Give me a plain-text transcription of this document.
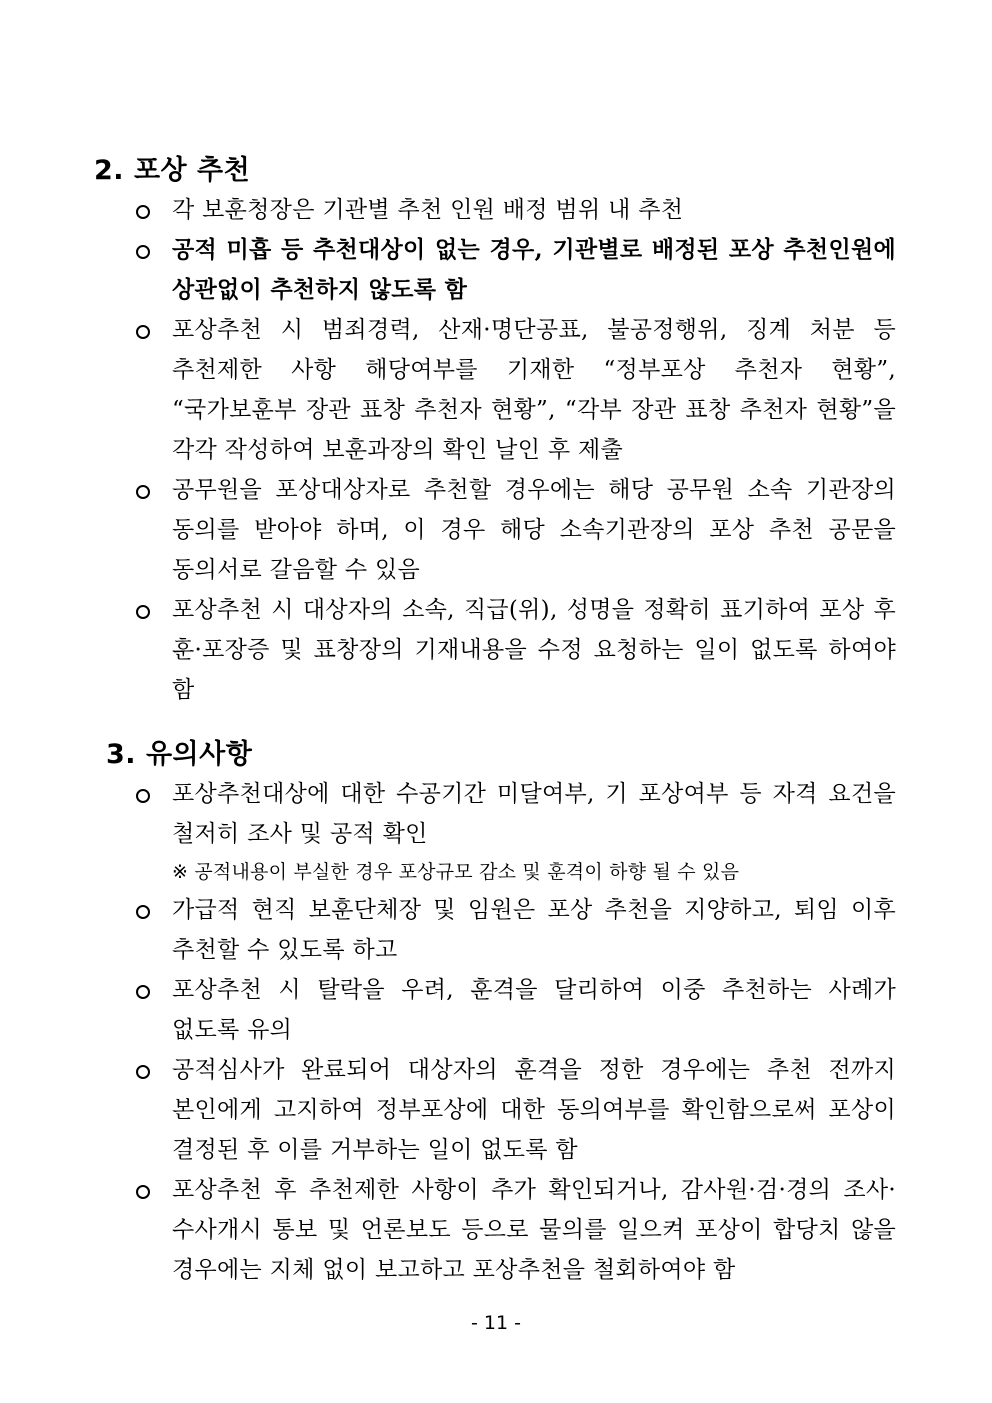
2. 포상 추천
각 보훈청장은 기관별 추천 인원 배정 범위 내 추천
공적 미흡 등 추천대상이 없는 경우, 기관별로 배정된 포상 추천인원에 상관없이 추천하지 않도록 함
포상추천 시 범죄경력, 산재·명단공표, 불공정행위, 징계 처분 등 추천제한 사항 해당여부를 기재한 “정부포상 추천자 현황”, “국가보훈부 장관 표창 추천자 현황”, “각부 장관 표창 추천자 현황”을 각각 작성하여 보훈과장의 확인 날인 후 제출
공무원을 포상대상자로 추천할 경우에는 해당 공무원 소속 기관장의 동의를 받아야 하며, 이 경우 해당 소속기관장의 포상 추천 공문을 동의서로 갈음할 수 있음
포상추천 시 대상자의 소속, 직급(위), 성명을 정확히 표기하여 포상 후 훈·포장증 및 표창장의 기재내용을 수정 요청하는 일이 없도록 하여야 함
3. 유의사항
포상추천대상에 대한 수공기간 미달여부, 기 포상여부 등 자격 요건을 철저히 조사 및 공적 확인
※ 공적내용이 부실한 경우 포상규모 감소 및 훈격이 하향 될 수 있음
가급적 현직 보훈단체장 및 임원은 포상 추천을 지양하고, 퇴임 이후 추천할 수 있도록 하고
포상추천 시 탈락을 우려, 훈격을 달리하여 이중 추천하는 사례가 없도록 유의
공적심사가 완료되어 대상자의 훈격을 정한 경우에는 추천 전까지 본인에게 고지하여 정부포상에 대한 동의여부를 확인함으로써 포상이 결정된 후 이를 거부하는 일이 없도록 함
포상추천 후 추천제한 사항이 추가 확인되거나, 감사원·검·경의 조사·수사개시 통보 및 언론보도 등으로 물의를 일으켜 포상이 합당치 않을 경우에는 지체 없이 보고하고 포상추천을 철회하여야 함
- 11 -
